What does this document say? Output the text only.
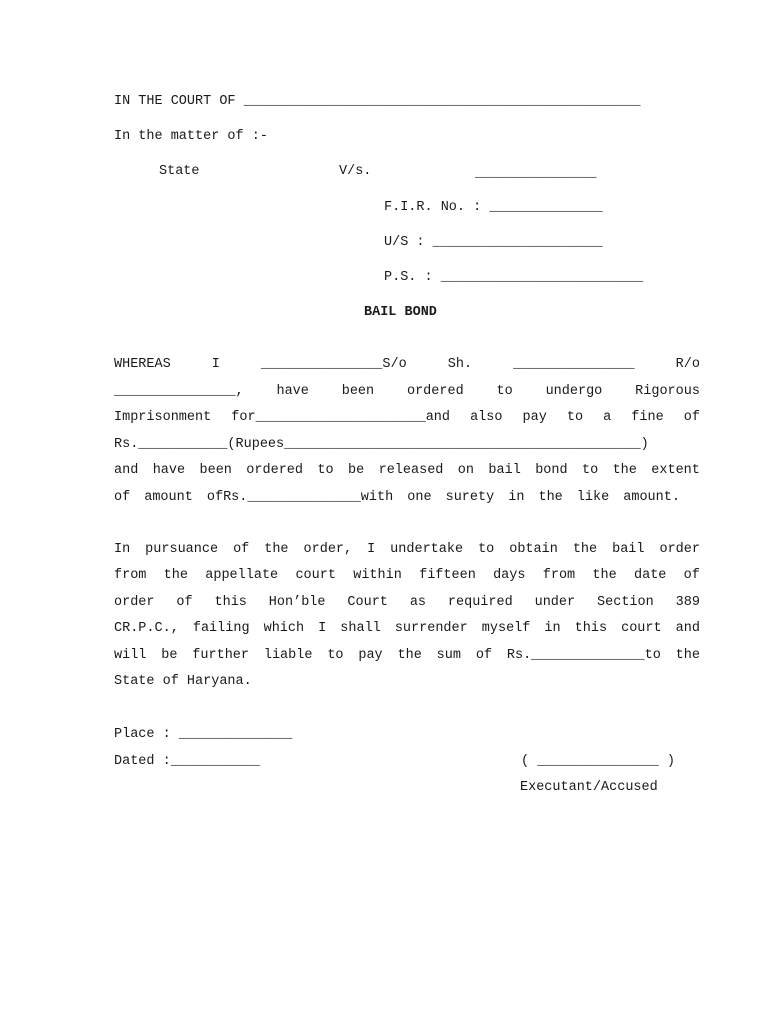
IN THE COURT OF _________________________________________________
In the matter of :-
State	V/s.	_______________
F.I.R. No. : ______________
U/S : _____________________
P.S. : _________________________
BAIL BOND
WHEREAS	I	_______________S/o	Sh.	_______________	R/o
_______________, have been ordered to undergo Rigorous
Imprisonment for_____________________and also pay to a fine of
Rs.___________(Rupees____________________________________________)
and have been ordered to be released on bail bond to the extent
of amount ofRs.______________with one surety in the like amount.
In pursuance of the order, I undertake to obtain the bail order
from the appellate court within fifteen days from the date of
order of this Hon’ble Court as required under Section 389
CR.P.C., failing which I shall surrender myself in this court and
will be further liable to pay the sum of Rs.______________to the
State of Haryana.
Place : ______________
Dated :___________	( _______________ )
Executant/Accused
